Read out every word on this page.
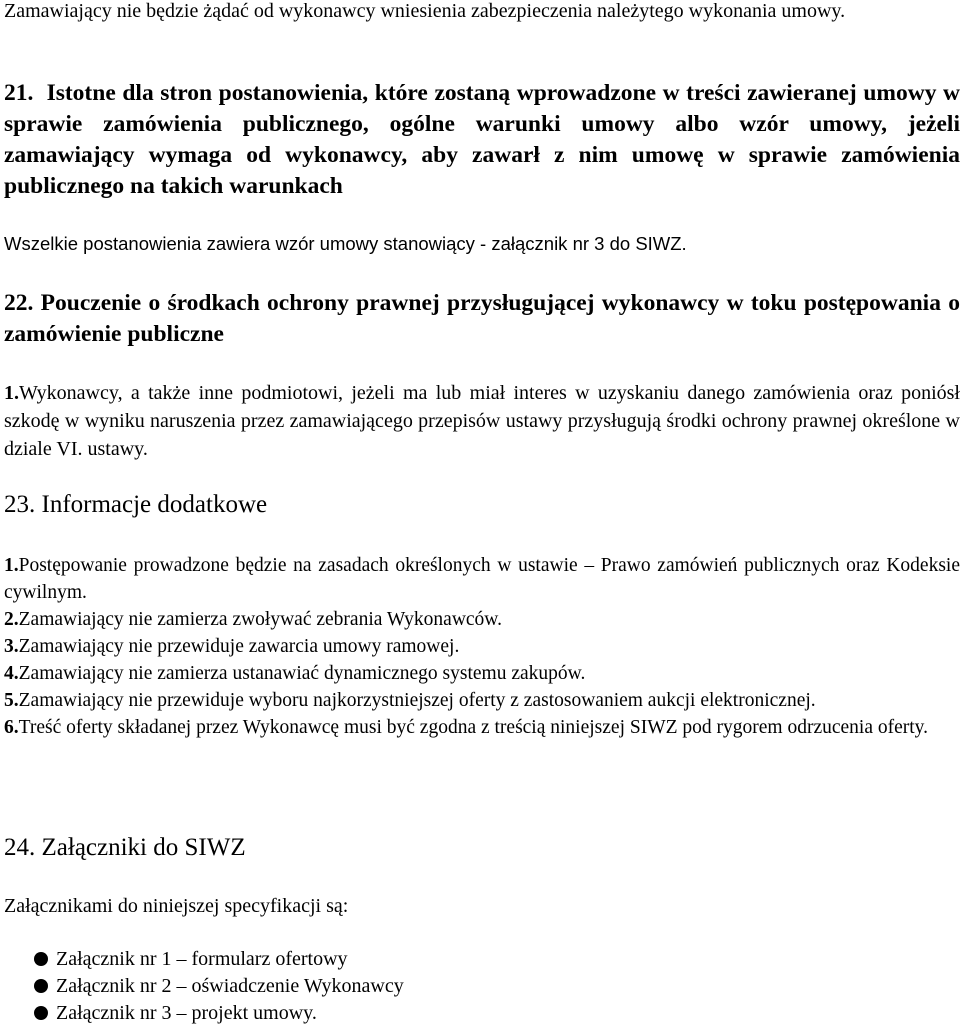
Zamawiający nie będzie żądać od wykonawcy wniesienia zabezpieczenia należytego wykonania umowy.

21. Istotne dla stron postanowienia, które zostaną wprowadzone w treści zawieranej umowy w sprawie zamówienia publicznego, ogólne warunki umowy albo wzór umowy, jeżeli zamawiający wymaga od wykonawcy, aby zawarł z nim umowę w sprawie zamówienia publicznego na takich warunkach

Wszelkie postanowienia zawiera wzór umowy stanowiący - załącznik nr 3 do SIWZ.

22. Pouczenie o środkach ochrony prawnej przysługującej wykonawcy w toku postępowania o zamówienie publiczne

1.Wykonawcy, a także inne podmiotowi, jeżeli ma lub miał interes w uzyskaniu danego zamówienia oraz poniósł szkodę w wyniku naruszenia przez zamawiającego przepisów ustawy przysługują środki ochrony prawnej określone w dziale VI. ustawy.

23. Informacje dodatkowe

1.Postępowanie prowadzone będzie na zasadach określonych w ustawie – Prawo zamówień publicznych oraz Kodeksie cywilnym.

2.Zamawiający nie zamierza zwoływać zebrania Wykonawców.

3.Zamawiający nie przewiduje zawarcia umowy ramowej.

4.Zamawiający nie zamierza ustanawiać dynamicznego systemu zakupów.

5.Zamawiający nie przewiduje wyboru najkorzystniejszej oferty z zastosowaniem aukcji elektronicznej.

6.Treść oferty składanej przez Wykonawcę musi być zgodna z treścią niniejszej SIWZ pod rygorem odrzucenia oferty.

24. Załączniki do SIWZ

Załącznikami do niniejszej specyfikacji są:

Załącznik nr 1 – formularz ofertowy
Załącznik nr 2 – oświadczenie Wykonawcy
Załącznik nr 3 – projekt umowy.
